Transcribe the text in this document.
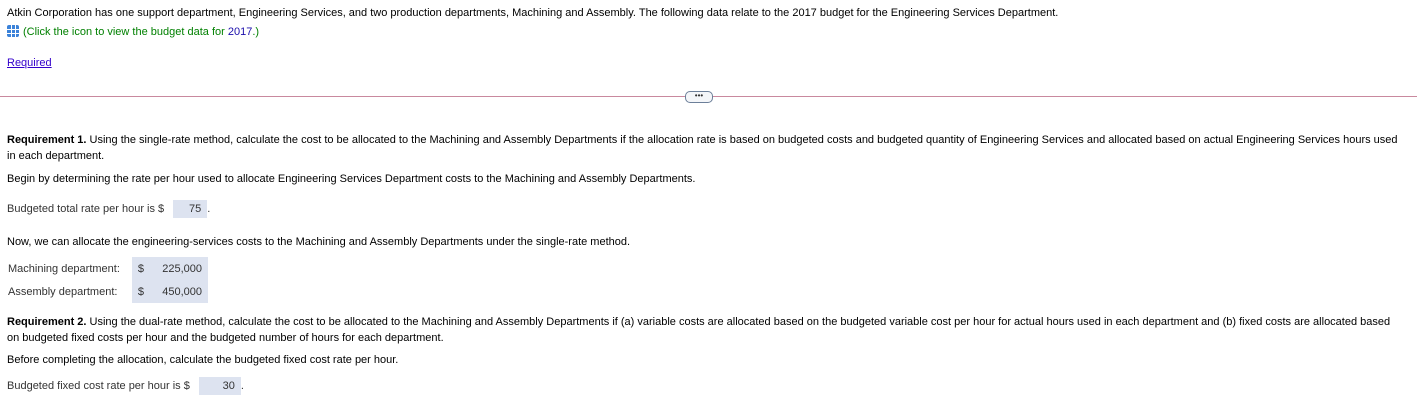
Atkin Corporation has one support department, Engineering Services, and two production departments, Machining and Assembly. The following data relate to the 2017 budget for the Engineering Services Department.
(Click the icon to view the budget data for 2017.)
Required
•••
Requirement 1. Using the single-rate method, calculate the cost to be allocated to the Machining and Assembly Departments if the allocation rate is based on budgeted costs and budgeted quantity of Engineering Services and allocated based on actual Engineering Services hours used in each department.
Begin by determining the rate per hour used to allocate Engineering Services Department costs to the Machining and Assembly Departments.
Budgeted total rate per hour is $ 75 .
Now, we can allocate the engineering-services costs to the Machining and Assembly Departments under the single-rate method.
Machining department:	$	225,000
Assembly department:	$	450,000
Requirement 2. Using the dual-rate method, calculate the cost to be allocated to the Machining and Assembly Departments if (a) variable costs are allocated based on the budgeted variable cost per hour for actual hours used in each department and (b) fixed costs are allocated based on budgeted fixed costs per hour and the budgeted number of hours for each department.
Before completing the allocation, calculate the budgeted fixed cost rate per hour.
Budgeted fixed cost rate per hour is $	30 .
